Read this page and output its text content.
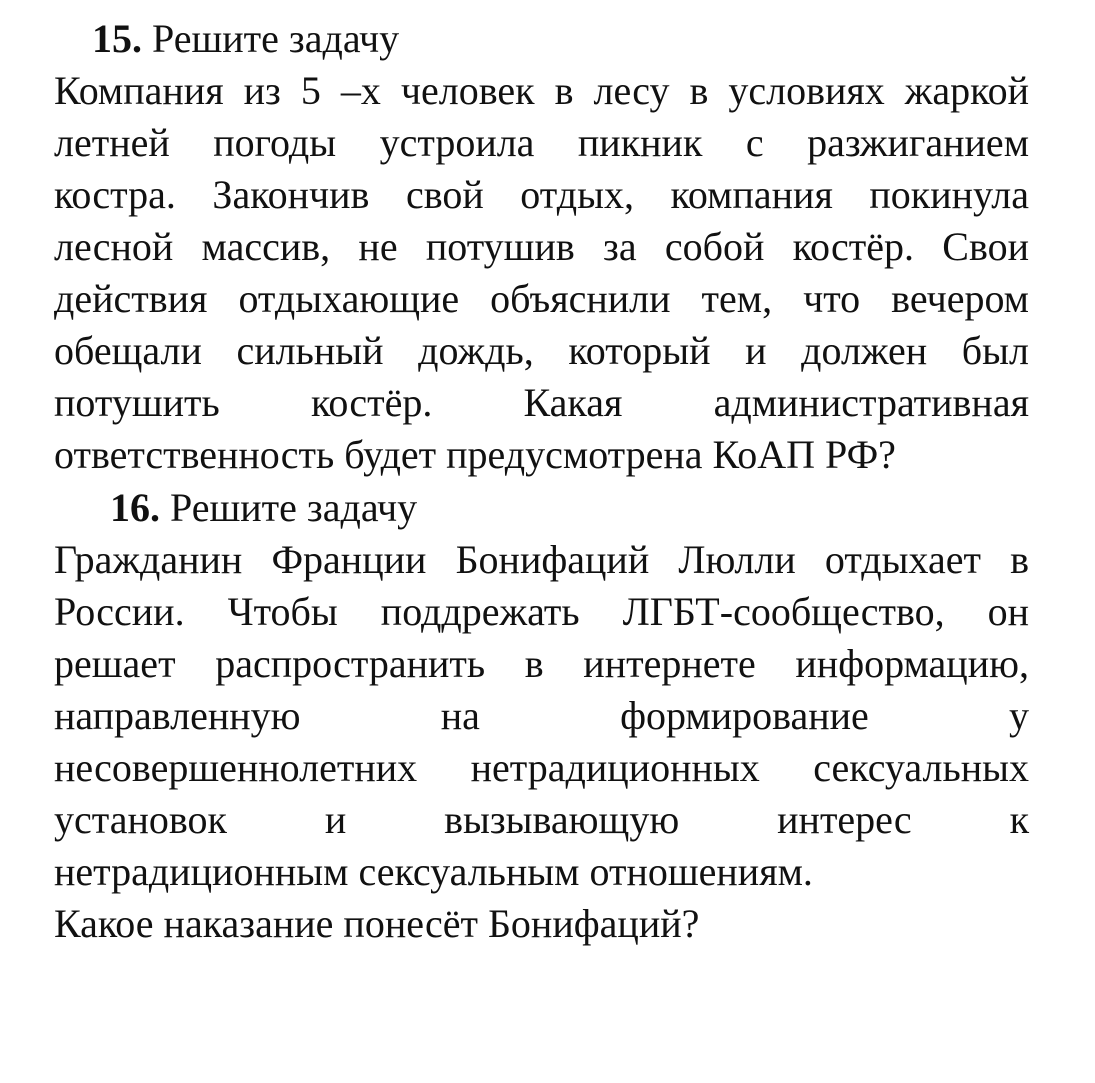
15. Решите задачу
Компания из 5 –х человек в лесу в условиях жаркой
летней погоды устроила пикник с разжиганием
костра. Закончив свой отдых, компания покинула
лесной массив, не потушив за собой костёр. Свои
действия отдыхающие объяснили тем, что вечером
обещали сильный дождь, который и должен был
потушить костёр. Какая административная
ответственность будет предусмотрена КоАП РФ?
16. Решите задачу
Гражданин Франции Бонифаций Люлли отдыхает в
России. Чтобы поддрежать ЛГБТ-сообщество, он
решает распространить в интернете информацию,
направленную на формирование у
несовершеннолетних нетрадиционных сексуальных
установок и вызывающую интерес к
нетрадиционным сексуальным отношениям.
Какое наказание понесёт Бонифаций?
